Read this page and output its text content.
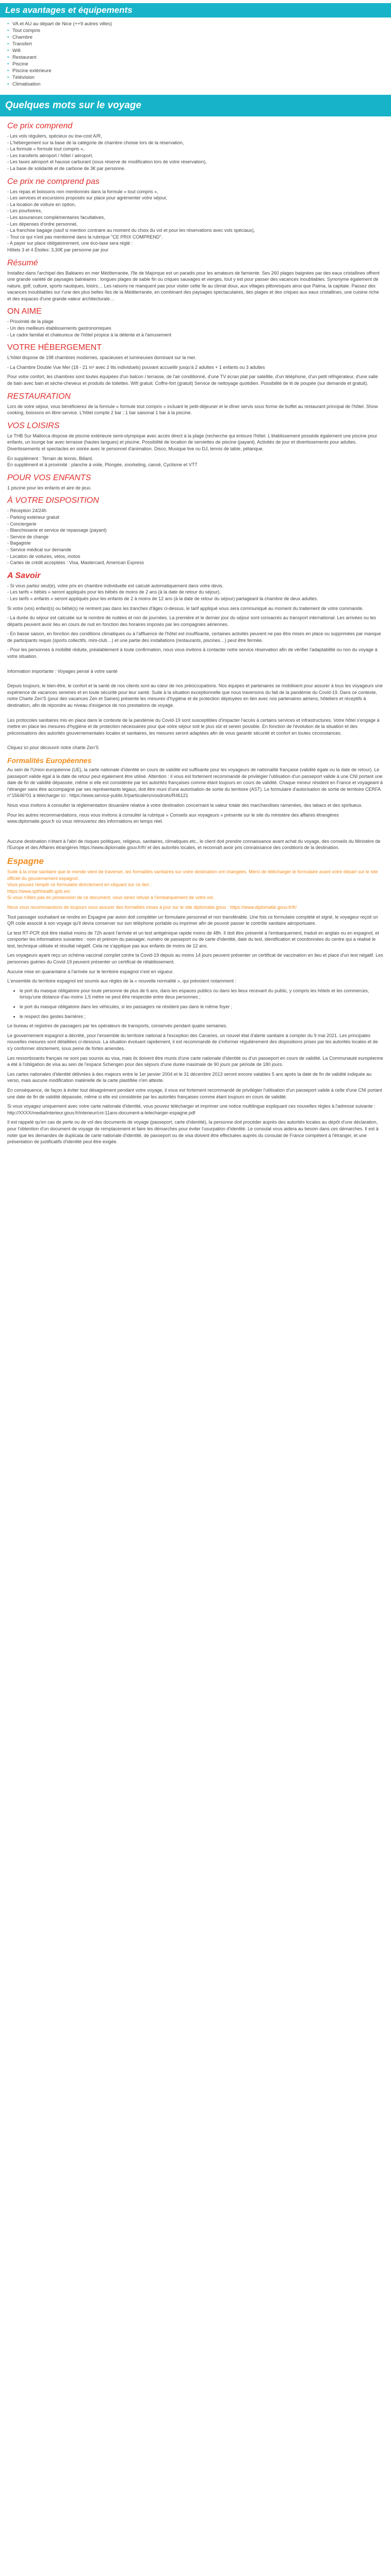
Les avantages et équipements
• VA et AU au départ de Nice (++9 autres villes)
• Tout compris
• Chambre
• Transfert
• Wifi
• Restaurant
• Piscine
• Piscine extérieure
• Télévision
• Climatisation
Quelques mots sur le voyage
Ce prix comprend
- Les vols réguliers, spécieux ou low-cost A/R,
- L'hébergement sur la base de la catégorie de chambre choisie lors de la réservation,
- La formule « formule tout compris »,
- Les transferts aéroport / hôtel / aéroport,
- Les taxes aéroport et hausse carburant (sous réserve de modification lors de votre réservation),
- La base de solidarité et de carbone de 3€ par personne.
Ce prix ne comprend pas
- Les repas et boissons non mentionnés dans la formule « tout compris »,
- Les services et excursions proposés sur place pour agrémenter votre séjour,
- La location de voiture en option,
- Les pourboires,
- Les assurances complémentaires facultatives,
- Les dépenses d'ordre personnel,
- La franchise bagage (sauf si mention contraire au moment du choix du vol et pour les réservations avec vols spéciaux),
- Tout ce qui n'est pas mentionné dans la rubrique "CE PRIX COMPREND".
- A payer sur place obligatoirement, une éco-taxe sera réglé :
Hôtels 3 et 4 Étoiles: 3,30€ par personne par jour
Résumé

Installez-dans l'archipel des Baléares en mer Méditerranée, l'île de Majorque est un paradis pour les amateurs de farniente. Ses 260 plages baignées par des eaux cristallines offrent une grande variété de paysages balnéaires : longues plages de sable fin ou criques sauvages et vierges, tout y est pour passer des vacances inoubliables. Synonyme également de nature, golf, culture, sports nautiques, loisirs… Les raisons ne manquent pas pour visiter cette île au climat doux, aux villages pittoresques ainsi que Palma, la capitale. Passez des vacances inoubliables sur l'une des plus belles îles de la Méditerranée, en combinant des paysages spectaculaires, des plages et des criques aux eaux cristallines, une cuisine riche et des espaces d'une grande valeur architecturale…

ON AIME
- Proximité de la plage
- Un des meilleurs établissements gastronomiques
- Le cadre familial et chaleureux de l'hôtel propice à la détente et à l'amusement
VOTRE HÉBERGEMENT

L'hôtel dispose de 198 chambres modernes, spacieuses et lumineuses dominant sur la mer.

- La Chambre Double Vue Mer (18 - 21 m² avec 2 lits individuels) pouvant accueillir jusqu'à 2 adultes + 1 enfants ou 3 adultes

Pour votre confort, les chambres sont toutes équipées d'un balcon / terrasse, de l'air conditionné, d'une TV écran plat par satellite, d'un téléphone, d'un petit réfrigérateur, d'une salle de bain avec bain et sèche-cheveux et produits de toilettes. Wifi gratuit. Coffre-fort (gratuit) Service de nettoyage quotidien. Possibilité de lit de poupée (sur demande et gratuit).

RESTAURATION

Lors de votre séjour, vous bénéficierez de la formule « formule tout compris » incluant le petit-déjeuner et le dîner servis sous forme de buffet au restaurant principal de l'hôtel. Show cooking, boissons en libre-service. L'hôtel compte 2 bar ; 1 bar saisonal 1 bar à la piscine.

VOS LOISIRS

Le THB Sur Mallorca dispose de piscine extérieure semi-olympique avec accès direct à la plage (recherche qui entoure l'hôtel. L'établissement possède également une piscine pour enfants, un lounge bar avec terrasse (hautes langues) et piscine. Possibilité de location de serviettes de piscine (payant). Activités de jour et divertissements pour adultes. Divertissements et spectacles en soirée avec le personnel d'animation. Disco, Musique live ou DJ, tennis de table, pétanque.

En supplément : Terrain de tennis, Billard.
En supplément et à proximité : planche à voile, Plongée, snorkeling, canoë, Cyclisme et VTT
POUR VOS ENFANTS

1 piscine pour les enfants et aire de jeux.

À VOTRE DISPOSITION
- Réception 24/24h
- Parking extérieur gratuit
- Conciergerie
- Blanchisserie et service de repassage (payant)
- Service de change
- Bagagiste
- Service médical sur demande
- Location de voitures, vélos, motos
- Cartes de crédit acceptées : Visa, Mastercard, American Express
A Savoir
- Si vous partez seul(e), votre prix en chambre individuelle est calculé automatiquement dans votre devis.
- Les tarifs « bébés » seront appliqués pour les bébés de moins de 2 ans (à la date de retour du séjour).

- Les tarifs « enfants » seront appliqués pour les enfants de 2 à moins de 12 ans (à la date de retour du séjour) partageant la chambre de deux adultes.

Si votre (vos) enfant(s) ou bébé(s) ne rentrent pas dans les tranches d'âges ci-dessus, le tarif appliqué vous sera communiqué au moment du traitement de votre commande.

- La durée du séjour est calculée sur le nombre de nuitées et non de journées. La première et le dernier jour du séjour sont consacrés au transport international. Les arrivées ou les départs peuvent avoir lieu en cours de nuit en fonction des horaires imposés par les compagnies aériennes.

- En basse saison, en fonction des conditions climatiques ou à l'affluence de l'hôtel est insuffisante, certaines activités peuvent ne pas être mises en place ou supprimées par manque de participants requis (sports collectifs, mini-club…) et une partie des installations (restaurants, piscines…) peut être fermée.

- Pour les personnes à mobilité réduite, préalablement à toute confirmation, nous vous invitons à contacter notre service réservation afin de vérifier l'adaptabilité ou non du voyage à votre situation.

Information importante : Voyages pensé à votre santé

Depuis toujours, le bien-être, le confort et la santé de nos clients sont au cœur de nos préoccupations. Nos équipes et partenaires se mobilisent pour assurer à tous les voyageurs une expérience de vacances sereines et en toute sécurité pour leur santé. Suite à la situation exceptionnelle que nous traversons du fait de la pandémie du Covid-19. Dans ce contexte, notre Charte Zen'S (pour des vacances Zen et Saines) présente les mesures d'hygiène et de protection déployées en lien avec nos partenaires aériens, hôteliers et réceptifs à destination, afin de répondre au niveau d'exigence de nos prestations de voyage.

Les protocoles sanitaires mis en place dans le contexte de la pandémie du Covid-19 sont susceptibles d'impacter l'accès à certains services et infrastructures. Votre hôtel s'engage à mettre en place les mesures d'hygiène et de protection nécessaires pour que votre séjour soit le plus sûr et serein possible. En fonction de l'évolution de la situation et des préconisations des autorités gouvernementales locales et sanitaires, les mesures seront adaptées afin de vous garantir sécurité et confort en toutes circonstances.

Cliquez ici pour découvrir notre charte Zen'S

Formalités Européennes

Au sein de l'Union européenne (UE), la carte nationale d'identité en cours de validité est suffisante pour les voyageurs de nationalité française (validité égale ou la date de retour). Le passeport valide égal à la date de retour peut également être utilisé. Attention : il vous est fortement recommandé de privilégier l'utilisation d'un passeport valide à une CNI portant une date de fin de validité dépassée, même si elle est considérée par les autorités françaises comme étant toujours en cours de validité. Chaque mineur résident en France et voyageant à l'étranger sans être accompagné par ses représentants légaux, doit être muni d'une autorisation de sortie du territoire (AST). Le formulaire d'autorisation de sortie de territoire CERFA n°15646*01 à télécharger ici : https://www.service-public.fr/particuliers/vosdroits/R46121

Nous vous invitons à consulter la réglementation douanière relative à votre destination concernant la valeur totale des marchandises ramenées, des tabacs et des spiritueux.

Pour les autres recommandations, nous vous invitons à consulter la rubrique « Conseils aux voyageurs » présente sur le site du ministère des affaires étrangères www.diplomatie.gouv.fr où vous retrouverez des informations en temps réel.

Aucune destination n'étant à l'abri de risques politiques, religieux, sanitaires, climatiques etc., le client doit prendre connaissance avant achat du voyage, des conseils du Ministère de l'Europe et des Affaires étrangères https://www.diplomatie.gouv.fr/fr/ et des autorités locales, et reconnaît avoir pris connaissance des conditions de la destination.

Espagne

Suite à la crise sanitaire que le monde vient de traverser, les formalités sanitaires sur votre destination ont changées. Merci de télécharger le formulaire avant votre départ sur le site officiel du gouvernement espagnol.
Vous pouvez remplir ce formulaire directement en cliquant sur ce lien :
https://www.spthhealth.gob.es/
Si vous n'êtes pas en possession de ce document, vous serez refusé à l'embarquement de votre vol.

Nous vous recommandons de toujours vous assurer des formalités mises à jour sur le site diplomatie.gouv : https://www.diplomatie.gouv.fr/fr/

Tout passager souhaitant se rendre en Espagne par avion doit compléter un formulaire personnel et non transférable. Une fois ce formulaire complété et signé, le voyageur reçoit un QR code associé à son voyage qu'il devra conserver sur son téléphone portable ou imprimer afin de pouvoir passer le contrôle sanitaire aéroportuaire.

Le test RT-PCR doit être réalisé moins de 72h avant l'arrivée et un test antigénique rapide moins de 48h. Il doit être présenté à l'embarquement, traduit en anglais ou en espagnol, et comporter les informations suivantes : nom et prénom du passager, numéro de passeport ou de carte d'identité, date du test, identification et coordonnées du centre qui a réalisé le test, technique utilisée et résultat négatif. Cela ne s'applique pas aux enfants de moins de 12 ans.

Les voyageurs ayant reçu un schéma vaccinal complet contre la Covid-19 depuis au moins 14 jours peuvent présenter un certificat de vaccination en lieu et place d'un test négatif. Les personnes guéries du Covid-19 peuvent présenter un certificat de rétablissement.

Aucune mise en quarantaine à l'arrivée sur le territoire espagnol n'est en vigueur.

L'ensemble du territoire espagnol est soumis aux règles de la « nouvelle normalité », qui prévoient notamment :

• le port du masque obligatoire pour toute personne de plus de 6 ans, dans les espaces publics ou dans les lieux recevant du public, y compris les hôtels et les commerces, lorsqu'une distance d'au moins 1,5 mètre ne peut être respectée entre deux personnes ;
• le port du masque obligatoire dans les véhicules, si les passagers ne résident pas dans le même foyer ;
• le respect des gestes barrières ;

Le bureau et registres de passagers par les opérateurs de transports, conservés pendant quatre semaines.

Le gouvernement espagnol a décrété, pour l'ensemble du territoire national à l'exception des Canaries, un nouvel état d'alerte sanitaire à compter du 9 mai 2021. Les principales nouvelles mesures sont détaillées ci-dessous. La situation évoluant rapidement, il est recommandé de s'informer régulièrement des dispositions prises par les autorités locales et de s'y conformer strictement, sous peine de fortes amendes.

Les ressortissants français ne sont pas soumis au visa, mais ils doivent être munis d'une carte nationale d'identité ou d'un passeport en cours de validité. La Communauté européenne a été à l'obligation de visa au sein de l'espace Schengen pour des séjours d'une durée maximale de 90 jours par période de 180 jours.

Les cartes nationales d'identité délivrées à des majeurs entre le 1er janvier 2004 et le 31 décembre 2013 seront encore valables 5 ans après la date de fin de validité indiquée au verso, mais aucune modification matérielle de la carte plastifiée n'en atteste.

En conséquence, de façon à éviter tout désagrément pendant votre voyage, il vous est fortement recommandé de privilégier l'utilisation d'un passeport valide à celle d'une CNI portant une date de fin de validité dépassée, même si elle est considérée par les autorités françaises comme étant toujours en cours de validité.

Si vous voyagez uniquement avec votre carte nationale d'identité, vous pouvez télécharger et imprimer une notice multilingue expliquant ces nouvelles règles à l'adresse suivante : http://XXXX/media/interieur.gouv.fr/interieur/cni-11ans-document-a-telecharger-espagne.pdf

Il est rappelé qu'en cas de perte ou de vol des documents de voyage (passeport, carte d'identité), la personne doit procéder auprès des autorités locales au dépôt d'une déclaration, pour l'obtention d'un document de voyage de remplacement et faire les démarches pour éviter l'usurpation d'identité. Le consulat vous aidera au besoin dans ces démarches. Il est à noter que les demandes de duplicata de carte nationale d'identité, de passeport ou de visa doivent être effectuées auprès du consulat de France compétent à l'étranger, et une présentation de justificatifs d'identité peut être exigée.
